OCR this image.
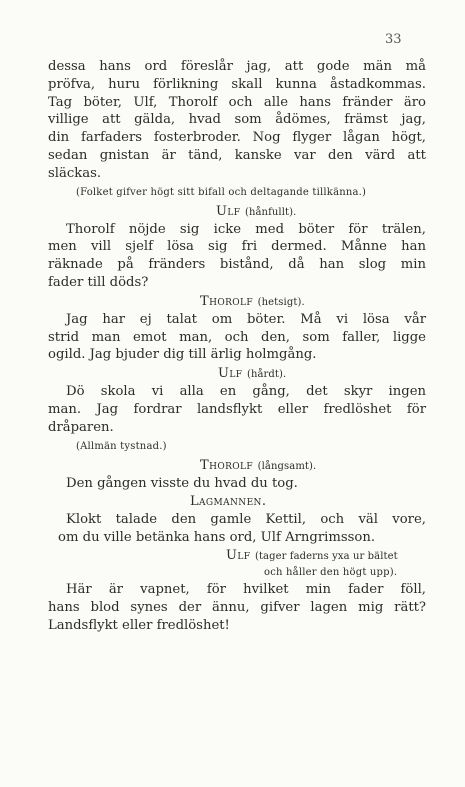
33
dessa hans ord föreslår jag, att gode män må
pröfva, huru förlikning skall kunna åstadkommas.
Tag böter, Ulf, Thorolf och alle hans fränder äro
villige att gälda, hvad som ådömes, främst jag,
din farfaders fosterbroder. Nog flyger lågan högt,
sedan gnistan är tänd, kanske var den värd att
släckas.
(Folket gifver högt sitt bifall och deltagande tillkänna.)
Ulf (hånfullt).
Thorolf nöjde sig icke med böter för trälen,
men vill sjelf lösa sig fri dermed. Månne han
räknade på fränders bistånd, då han slog min
fader till döds?
Thorolf (hetsigt).
Jag har ej talat om böter. Må vi lösa vår
strid man emot man, och den, som faller, ligge
ogild. Jag bjuder dig till ärlig holmgång.
Ulf (hårdt).
Dö skola vi alla en gång, det skyr ingen
man. Jag fordrar landsflykt eller fredlöshet för
dråparen.
(Allmän tystnad.)
Thorolf (långsamt).
Den gången visste du hvad du tog.
Lagmannen.
Klokt talade den gamle Kettil, och väl vore,
om du ville betänka hans ord, Ulf Arngrimsson.
Ulf (tager faderns yxa ur bältet
och håller den högt upp).
Här är vapnet, för hvilket min fader föll,
hans blod synes der ännu, gifver lagen mig rätt?
Landsflykt eller fredlöshet!
